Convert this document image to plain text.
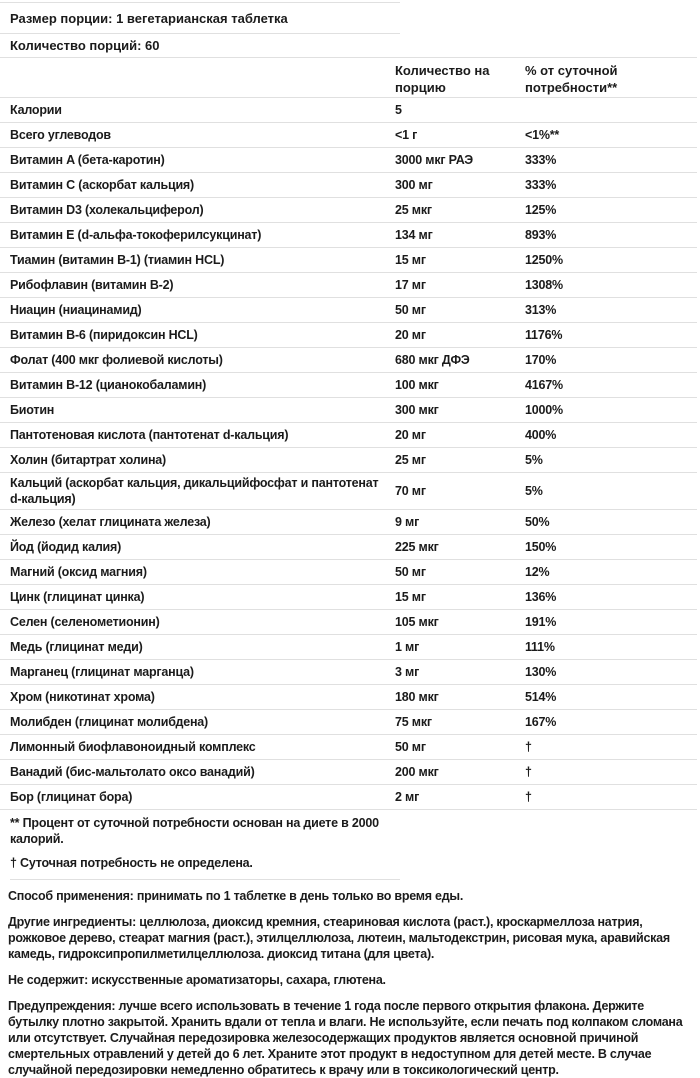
Размер порции: 1 вегетарианская таблетка
Количество порций: 60
Количество на порцию
% от суточной потребности**
Калории	5
Всего углеводов	<1 г	<1%**
Витамин A (бета-каротин)	3000 мкг РАЭ	333%
Витамин C (аскорбат кальция)	300 мг	333%
Витамин D3 (холекальциферол)	25 мкг	125%
Витамин E (d-альфа-токоферилсукцинат)	134 мг	893%
Тиамин (витамин B-1) (тиамин HCL)	15 мг	1250%
Рибофлавин (витамин B-2)	17 мг	1308%
Ниацин (ниацинамид)	50 мг	313%
Витамин B-6 (пиридоксин HCL)	20 мг	1176%
Фолат (400 мкг фолиевой кислоты)	680 мкг ДФЭ	170%
Витамин B-12 (цианокобаламин)	100 мкг	4167%
Биотин	300 мкг	1000%
Пантотеновая кислота (пантотенат d-кальция)	20 мг	400%
Холин (битартрат холина)	25 мг	5%
Кальций (аскорбат кальция, дикальцийфосфат и пантотенат d-кальция)
70 мг	5%
Железо (хелат глицината железа)	9 мг	50%
Йод (йодид калия)	225 мкг	150%
Магний (оксид магния)	50 мг	12%
Цинк (глицинат цинка)	15 мг	136%
Селен (селенометионин)	105 мкг	191%
Медь (глицинат меди)	1 мг	111%
Марганец (глицинат марганца)	3 мг	130%
Хром (никотинат хрома)	180 мкг	514%
Молибден (глицинат молибдена)	75 мкг	167%
Лимонный биофлавоноидный комплекс	50 мг	†
Ванадий (бис-мальтолато оксо ванадий)	200 мкг	†
Бор (глицинат бора)	2 мг	†

** Процент от суточной потребности основан на диете в 2000 калорий.

† Суточная потребность не определена.

Способ применения: принимать по 1 таблетке в день только во время еды.

Другие ингредиенты: целлюлоза, диоксид кремния, стеариновая кислота (раст.), кроскармеллоза натрия, рожковое дерево, стеарат магния (раст.), этилцеллюлоза, лютеин, мальтодекстрин, рисовая мука, аравийская камедь, гидроксипропилметилцеллюлоза. диоксид титана (для цвета).

Не содержит: искусственные ароматизаторы, сахара, глютена.

Предупреждения: лучше всего использовать в течение 1 года после первого открытия флакона. Держите бутылку плотно закрытой. Хранить вдали от тепла и влаги. Не используйте, если печать под колпаком сломана или отсутствует. Случайная передозировка железосодержащих продуктов является основной причиной смертельных отравлений у детей до 6 лет. Храните этот продукт в недоступном для детей месте. В случае случайной передозировки немедленно обратитесь к врачу или в токсикологический центр.
